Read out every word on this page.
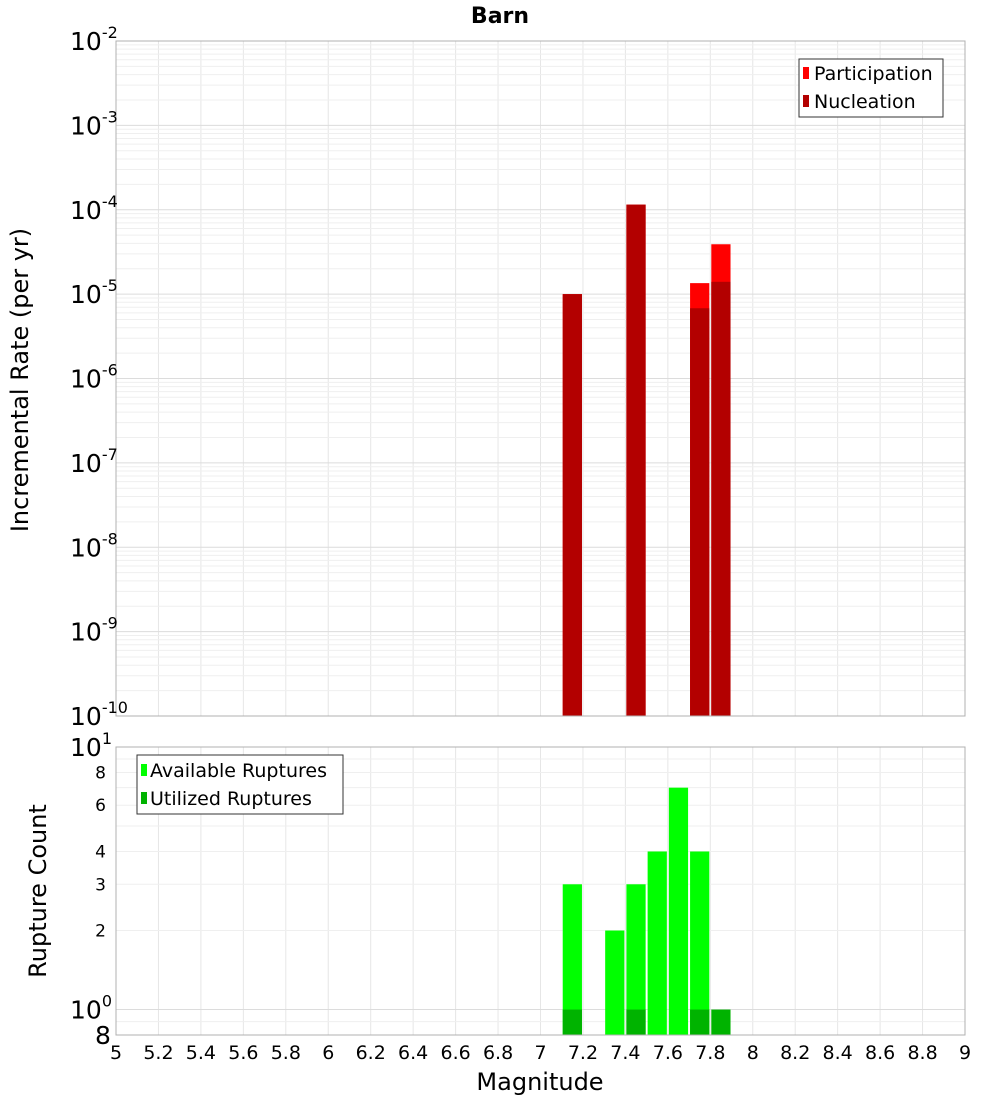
Barn
$10^{-10}$
$10^{-9}$
$10^{-8}$
$10^{-7}$
$10^{-6}$
$10^{-5}$
$10^{-4}$
$10^{-3}$
$10^{-2}$
Incremental Rate (per yr)
Participation
Nucleation
$10^1$
$10^0$
8
2
3
4
6
8
5 5.2 5.4 5.6 5.8 6 6.2 6.4 6.6 6.8 7 7.2 7.4 7.6 7.8 8 8.2 8.4 8.6 8.8 9
Rupture Count
Magnitude
Available Ruptures
Utilized Ruptures
